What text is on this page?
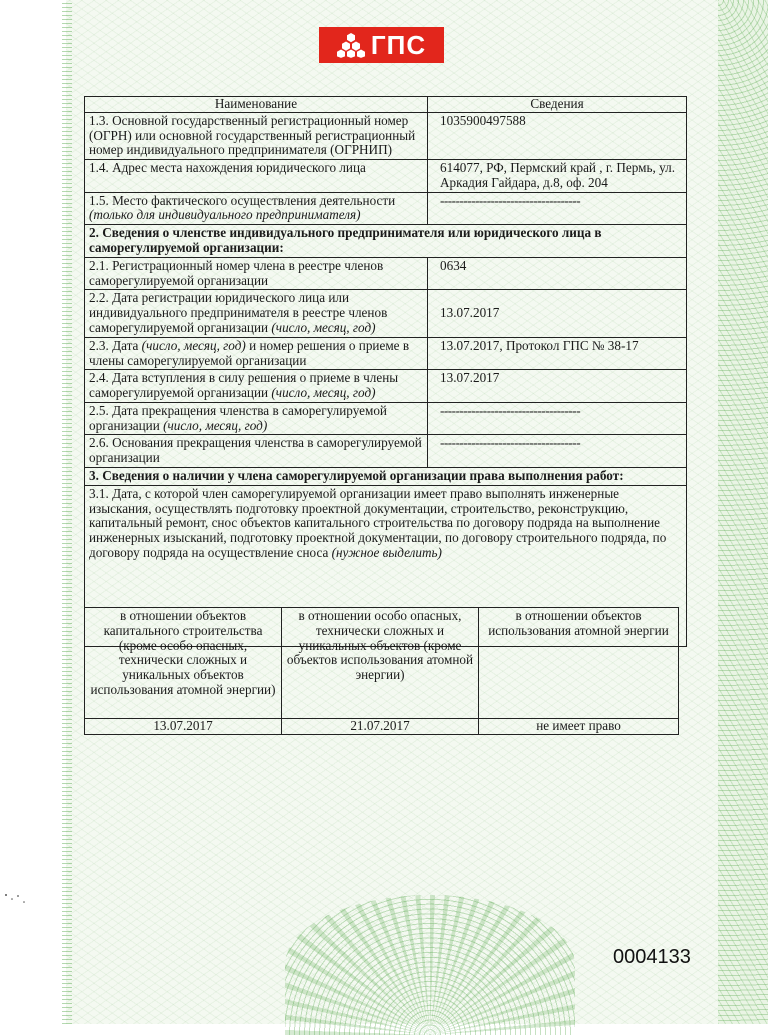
ГПС
Наименование	Сведения
1.3. Основной государственный регистрационный номер (ОГРН) или основной государственный регистрационный номер индивидуального предпринимателя (ОГРНИП)	1035900497588
1.4. Адрес места нахождения юридического лица	614077, РФ, Пермский край , г. Пермь, ул. Аркадия Гайдара, д.8, оф. 204
1.5. Место фактического осуществления деятельности (только для индивидуального предпринимателя)	------------------------------------
2. Сведения о членстве индивидуального предпринимателя или юридического лица в саморегулируемой организации:	
2.1. Регистрационный номер члена в реестре членов саморегулируемой организации	0634
2.2. Дата регистрации юридического лица или индивидуального предпринимателя в реестре членов саморегулируемой организации (число, месяц, год)	13.07.2017
2.3. Дата (число, месяц, год) и номер решения о приеме в члены саморегулируемой организации	13.07.2017, Протокол ГПС № 38-17
2.4. Дата вступления в силу решения о приеме в члены саморегулируемой организации (число, месяц, год)	13.07.2017
2.5. Дата прекращения членства в саморегулируемой организации (число, месяц, год)	------------------------------------
2.6. Основания прекращения членства в саморегулируемой организации	------------------------------------
3. Сведения о наличии у члена саморегулируемой организации права выполнения работ:	
3.1. Дата, с которой член саморегулируемой организации имеет право выполнять инженерные изыскания, осуществлять подготовку проектной документации, строительство, реконструкцию, капитальный ремонт, снос объектов капитального строительства по договору подряда на выполнение инженерных изысканий, подготовку проектной документации, по договору строительного подряда, по договору подряда на осуществление сноса (нужное выделить)	
в отношении объектов капитального строительства (кроме особо опасных, технически сложных и уникальных объектов использования атомной энергии)	в отношении особо опасных, технически сложных и уникальных объектов (кроме объектов использования атомной энергии)	в отношении объектов использования атомной энергии
13.07.2017	21.07.2017	не имеет право
0004133
